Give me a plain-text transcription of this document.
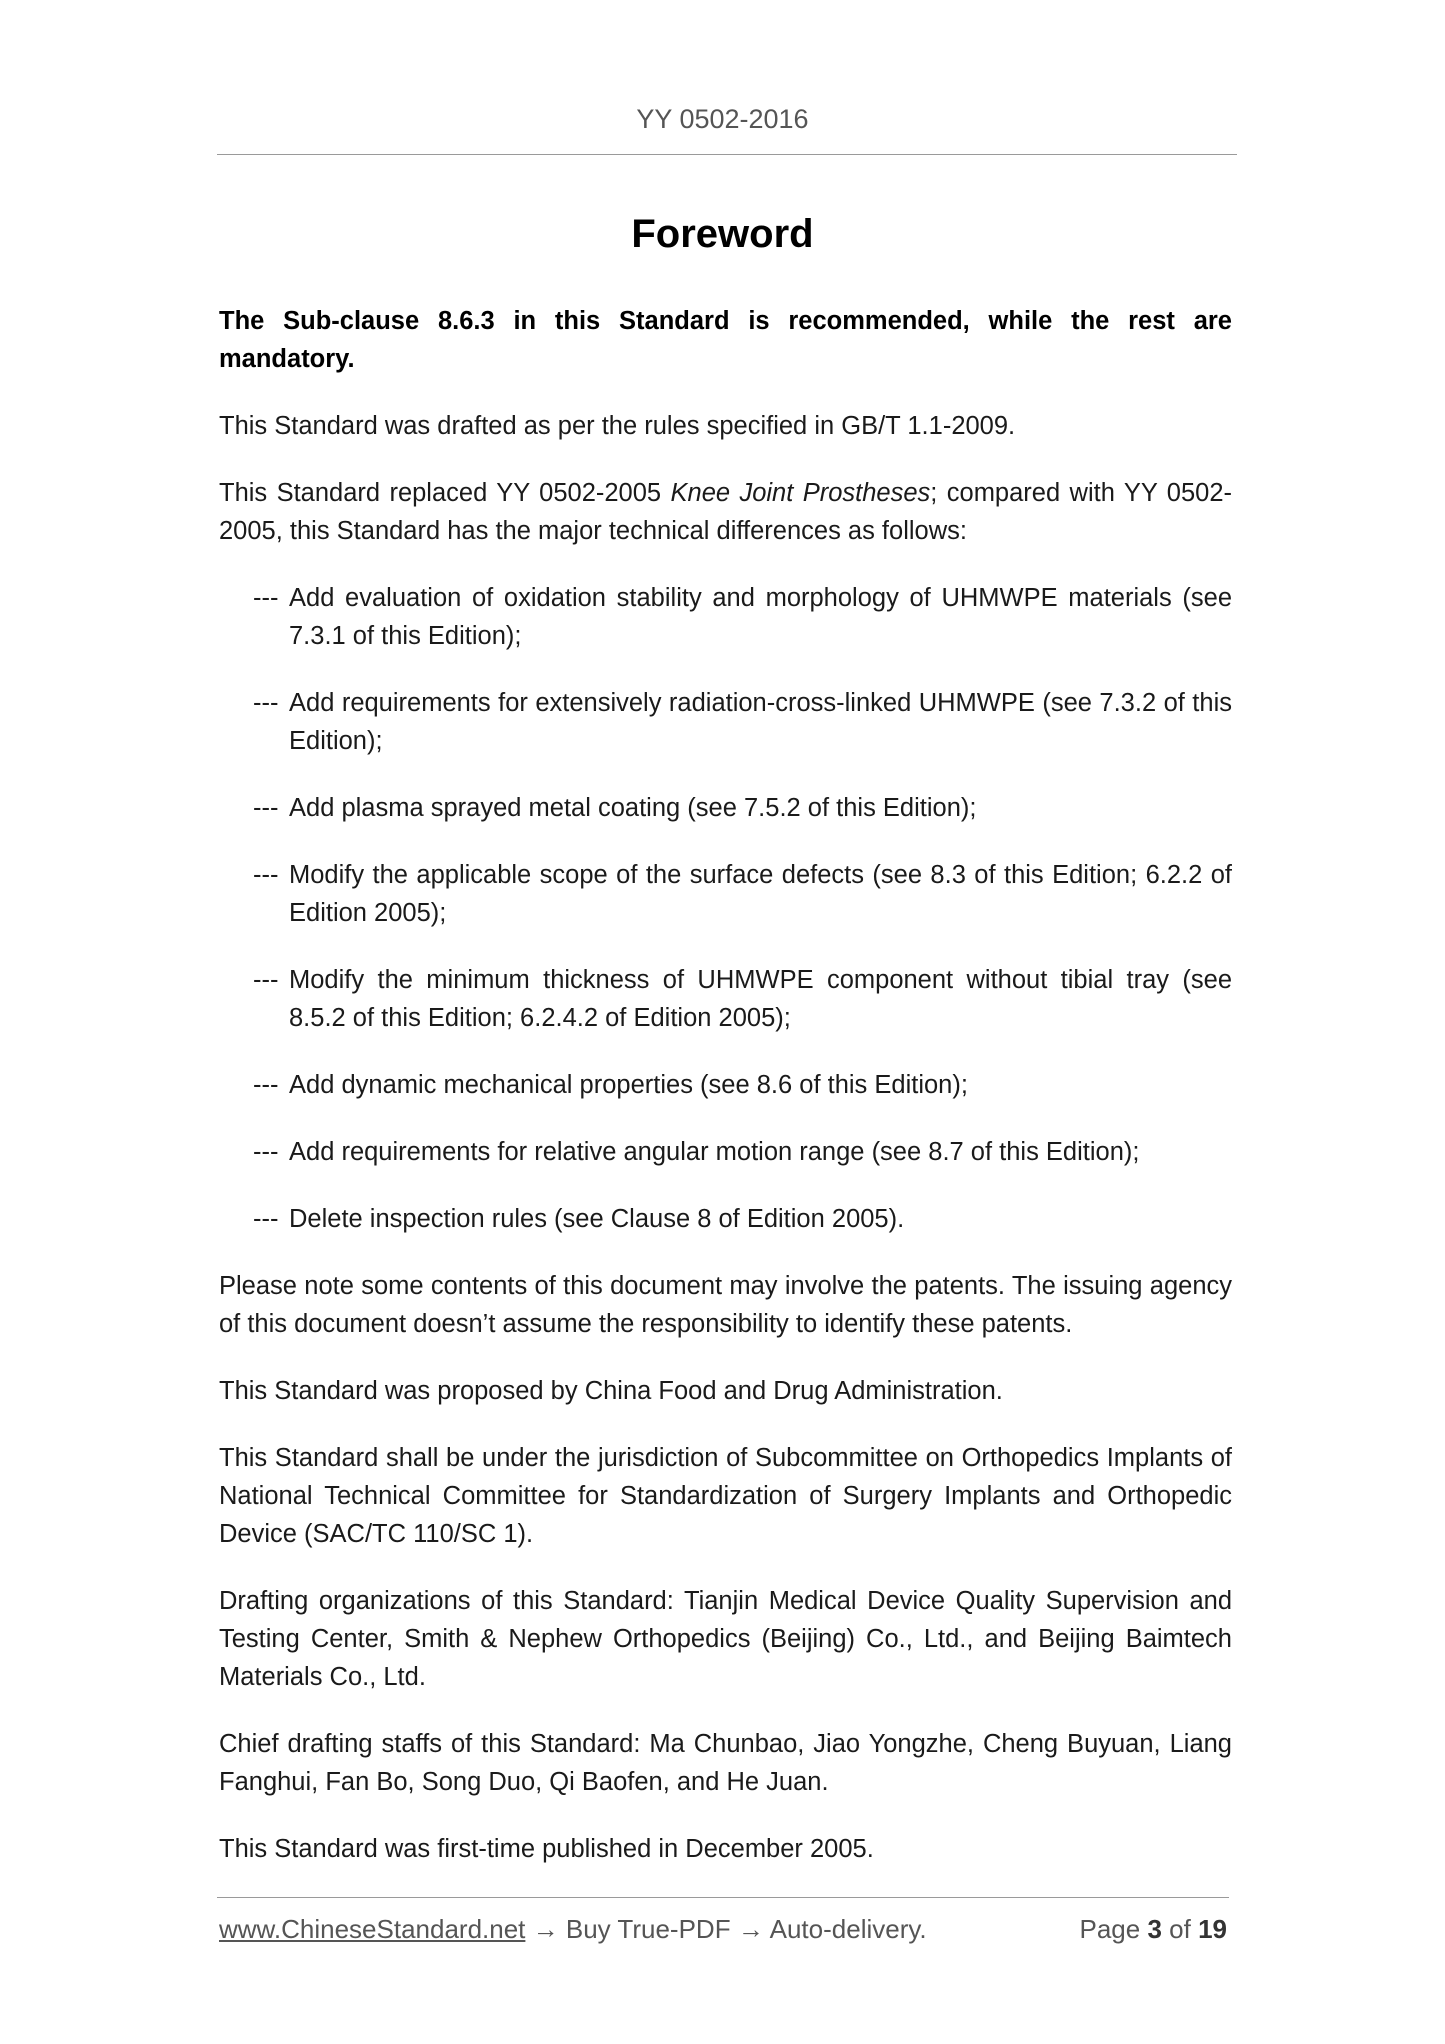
YY 0502-2016
Foreword

The Sub-clause 8.6.3 in this Standard is recommended, while the rest are mandatory.

This Standard was drafted as per the rules specified in GB/T 1.1-2009.

This Standard replaced YY 0502-2005 Knee Joint Prostheses; compared with YY 0502-2005, this Standard has the major technical differences as follows:

--- Add evaluation of oxidation stability and morphology of UHMWPE materials (see 7.3.1 of this Edition);
--- Add requirements for extensively radiation-cross-linked UHMWPE (see 7.3.2 of this Edition);
--- Add plasma sprayed metal coating (see 7.5.2 of this Edition);
--- Modify the applicable scope of the surface defects (see 8.3 of this Edition; 6.2.2 of Edition 2005);
--- Modify the minimum thickness of UHMWPE component without tibial tray (see 8.5.2 of this Edition; 6.2.4.2 of Edition 2005);
--- Add dynamic mechanical properties (see 8.6 of this Edition);
--- Add requirements for relative angular motion range (see 8.7 of this Edition);
--- Delete inspection rules (see Clause 8 of Edition 2005).

Please note some contents of this document may involve the patents. The issuing agency of this document doesn’t assume the responsibility to identify these patents.

This Standard was proposed by China Food and Drug Administration.

This Standard shall be under the jurisdiction of Subcommittee on Orthopedics Implants of National Technical Committee for Standardization of Surgery Implants and Orthopedic Device (SAC/TC 110/SC 1).

Drafting organizations of this Standard: Tianjin Medical Device Quality Supervision and Testing Center, Smith & Nephew Orthopedics (Beijing) Co., Ltd., and Beijing Baimtech Materials Co., Ltd.

Chief drafting staffs of this Standard: Ma Chunbao, Jiao Yongzhe, Cheng Buyuan, Liang Fanghui, Fan Bo, Song Duo, Qi Baofen, and He Juan.

This Standard was first-time published in December 2005.

www.ChineseStandard.net → Buy True-PDF → Auto-delivery.	Page 3 of 19
